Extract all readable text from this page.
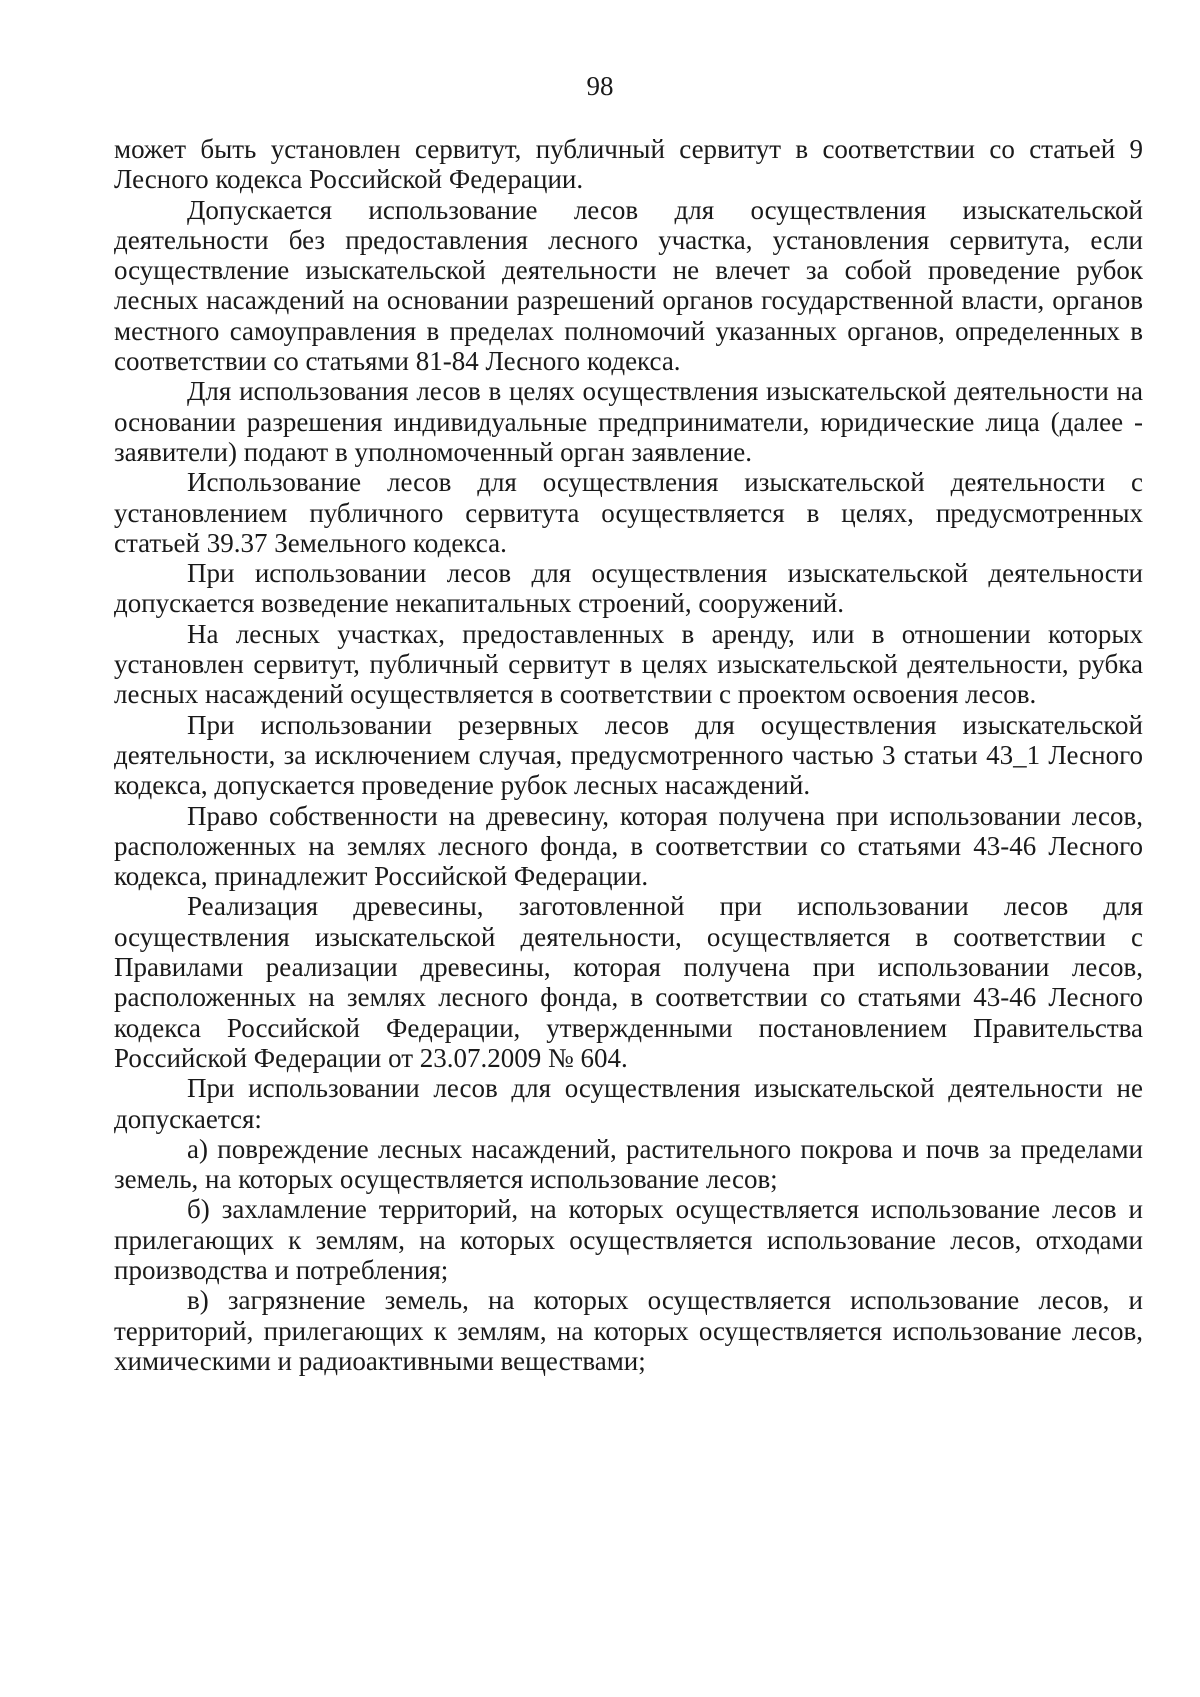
98

может быть установлен сервитут, публичный сервитут в соответствии со статьей 9 Лесного кодекса Российской Федерации.

Допускается использование лесов для осуществления изыскательской деятельности без предоставления лесного участка, установления сервитута, если осуществление изыскательской деятельности не влечет за собой проведение рубок лесных насаждений на основании разрешений органов государственной власти, органов местного самоуправления в пределах полномочий указанных органов, определенных в соответствии со статьями 81-84 Лесного кодекса.

Для использования лесов в целях осуществления изыскательской деятельности на основании разрешения индивидуальные предприниматели, юридические лица (далее - заявители) подают в уполномоченный орган заявление.

Использование лесов для осуществления изыскательской деятельности с установлением публичного сервитута осуществляется в целях, предусмотренных статьей 39.37 Земельного кодекса.

При использовании лесов для осуществления изыскательской деятельности допускается возведение некапитальных строений, сооружений.

На лесных участках, предоставленных в аренду, или в отношении которых установлен сервитут, публичный сервитут в целях изыскательской деятельности, рубка лесных насаждений осуществляется в соответствии с проектом освоения лесов.

При использовании резервных лесов для осуществления изыскательской деятельности, за исключением случая, предусмотренного частью 3 статьи 43_1 Лесного кодекса, допускается проведение рубок лесных насаждений.

Право собственности на древесину, которая получена при использовании лесов, расположенных на землях лесного фонда, в соответствии со статьями 43-46 Лесного кодекса, принадлежит Российской Федерации.

Реализация древесины, заготовленной при использовании лесов для осуществления изыскательской деятельности, осуществляется в соответствии с Правилами реализации древесины, которая получена при использовании лесов, расположенных на землях лесного фонда, в соответствии со статьями 43-46 Лесного кодекса Российской Федерации, утвержденными постановлением Правительства Российской Федерации от 23.07.2009 № 604.

При использовании лесов для осуществления изыскательской деятельности не допускается:

а) повреждение лесных насаждений, растительного покрова и почв за пределами земель, на которых осуществляется использование лесов;

б) захламление территорий, на которых осуществляется использование лесов и прилегающих к землям, на которых осуществляется использование лесов, отходами производства и потребления;

в) загрязнение земель, на которых осуществляется использование лесов, и территорий, прилегающих к землям, на которых осуществляется использование лесов, химическими и радиоактивными веществами;
